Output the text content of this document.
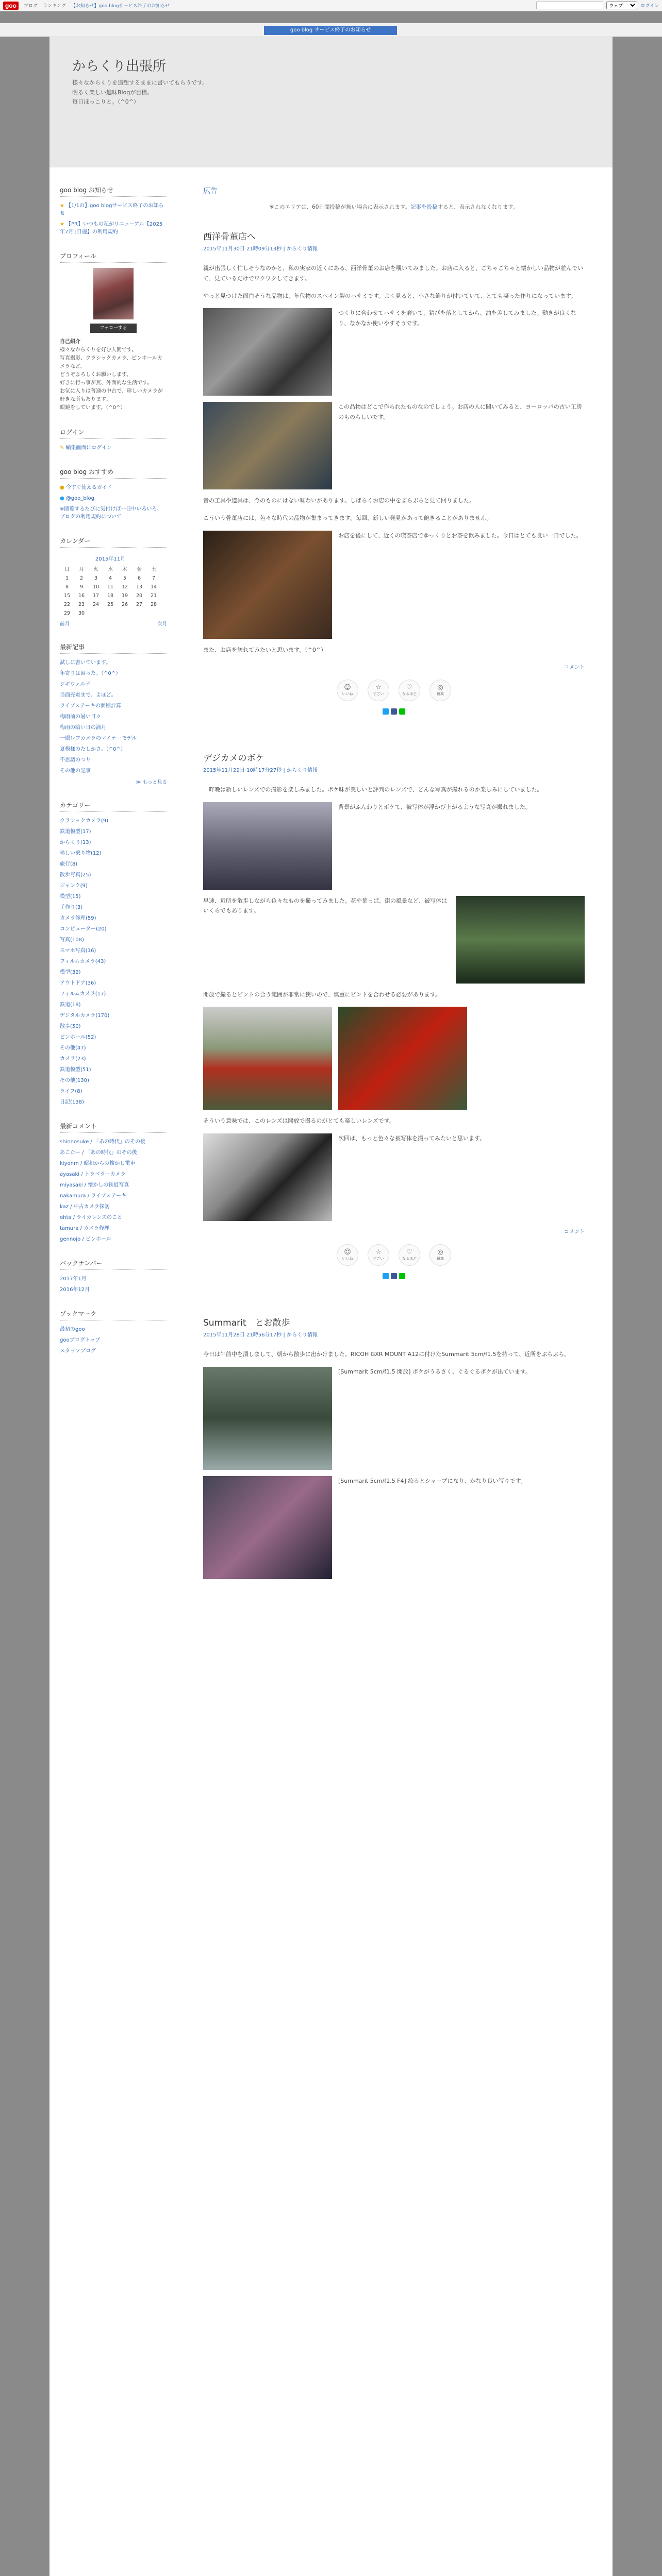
goo	ブログ ランキング 【お知らせ】goo blogサービス終了のお知らせ
ウェブ	ログイン
goo blog サービス終了のお知らせ
からくり出張所
様々なからくりを追想するままに書いてもらうです。
明るく楽しい趣味Blogが目標。
毎日ほっこりと。（^0^）
goo blog お知らせ
★ 【1/1の】goo blogサービス終了のお知らせ
★ 【PR】いつもの私がリニューアル【2025年7月1日施】の利用規約
プロフィール
フォローする
自己紹介
様々なからくりを好む人間です。
写真撮影、クラシックカメラ、ピンホールカメラなど。
どうぞよろしくお願いします。
好きに行っ事が無、外面的な生活です。
お気に入りは普通の中古で、珍しいカメラが好きな所もあります。
眼鏡をしています。（^0^）
ログイン
✎ 編集画面にログイン
goo blog おすすめ
● 今すぐ使えるガイド
● @goo_blog
※閲覧するたびに気付けば一日中いろいろ、ブログの利用規約について
カレンダー
2015年11月						
日	月	火	水	木	金	土
1	2	3	4	5	6	7
8	9	10	11	12	13	14
15	16	17	18	19	20	21
22	23	24	25	26	27	28
29	30					
前月	次月
最新記事
試しに書いています。
年寄りは困った。（^0^）
ジギウェル子
当面充電まで、よほど。
ライブステーキの面積計算
梅雨前の暑い日々
梅雨の暗い日の満月
一眼レフカメラのマイナーモデル
夏模様のたしかさ。（^0^）
不思議のつり
その他の記事
≫ もっと見る
カテゴリー
クラシックカメラ(9)
鉄道模型(17)
からくり(13)
珍しい乗り物(12)
旅行(8)
散歩写真(25)
ジャンク(9)
模型(15)
手作り(3)
カメラ修理(59)
コンピューター(20)
写真(108)
スマホ写真(16)
フィルムカメラ(43)
模型(32)
アウトドア(36)
フィルムカメラ(17)
鉄道(18)
デジタルカメラ(170)
散歩(50)
ピンホール(52)
その他(47)
カメラ(23)
鉄道模型(51)
その他(130)
ライフ(8)
日記(138)
最新コメント
shinnosuke / 「あの時代」のその後
あこたー / 「あの時代」のその後
kiyonm / 昭和からの懐かし電車
ayasaki / トラベラーカメラ
miyasaki / 懐かしの鉄道写真
nakamura / ライブステーキ
kaz / 中古カメラ探訪
ohta / ライカレンズのこと
tamura / カメラ修理
gennojo / ピンホール
バックナンバー
2017年1月
2016年12月
ブックマーク
最初のgoo
gooブログトップ
スタッフブログ
広告
※このエリアは、60日間投稿が無い場合に表示されます。記事を投稿すると、表示されなくなります。
西洋骨董店へ
2015年11月30日 21時09分13秒 | からくり情報

親が出張しく忙しそうなのかと、私の実家の近くにある、西洋骨董のお店を覗いてみました。お店に入ると、ごちゃごちゃと懐かしい品物が並んでいて、見ているだけでワクワクしてきます。

やっと見つけた面白そうな品物は、年代物のスペイン製のハサミです。よく見ると、小さな飾りが付いていて、とても凝った作りになっています。

つくりに合わせてハサミを磨いて、錆びを落としてから、油を差してみました。動きが良くなり、なかなか使いやすそうです。

この品物はどこで作られたものなのでしょう。お店の人に聞いてみると、ヨーロッパの古い工房のものらしいです。

昔の工具や道具は、今のものにはない味わいがあります。しばらくお店の中をぶらぶらと見て回りました。

こういう骨董店には、色々な時代の品物が集まってきます。毎回、新しい発見があって飽きることがありません。

お店を後にして、近くの喫茶店でゆっくりとお茶を飲みました。今日はとても良い一日でした。

また、お店を訪れてみたいと思います。（^0^）

コメント
☺
いいね
☆
すごい
♡
なるほど
◎
最高
デジカメのボケ
2015年11月29日 10時17分27秒 | からくり情報

一昨晩は新しいレンズでの撮影を楽しみました。ボケ味が美しいと評判のレンズで、どんな写真が撮れるのか楽しみにしていました。

背景がふんわりとボケて、被写体が浮かび上がるような写真が撮れました。

早速、近所を散歩しながら色々なものを撮ってみました。花や葉っぱ、街の風景など、被写体はいくらでもあります。

開放で撮るとピントの合う範囲が非常に狭いので、慎重にピントを合わせる必要があります。

そういう意味では、このレンズは開放で撮るのがとても楽しいレンズです。

次回は、もっと色々な被写体を撮ってみたいと思います。

コメント
☺
いいね
☆
すごい
♡
なるほど
◎
最高
Summarit　とお散歩
2015年11月28日 21時56分17秒 | からくり情報

今日は午前中を潰しまして、朝から散歩に出かけました。RICOH GXR MOUNT A12に付けたSummarit 5cm/f1.5を持って、近所をぶらぶら。

[Summarit 5cm/f1.5 開放] ボケがうるさく、ぐるぐるボケが出ています。

[Summarit 5cm/f1.5 F4] 絞るとシャープになり、かなり良い写りです。
